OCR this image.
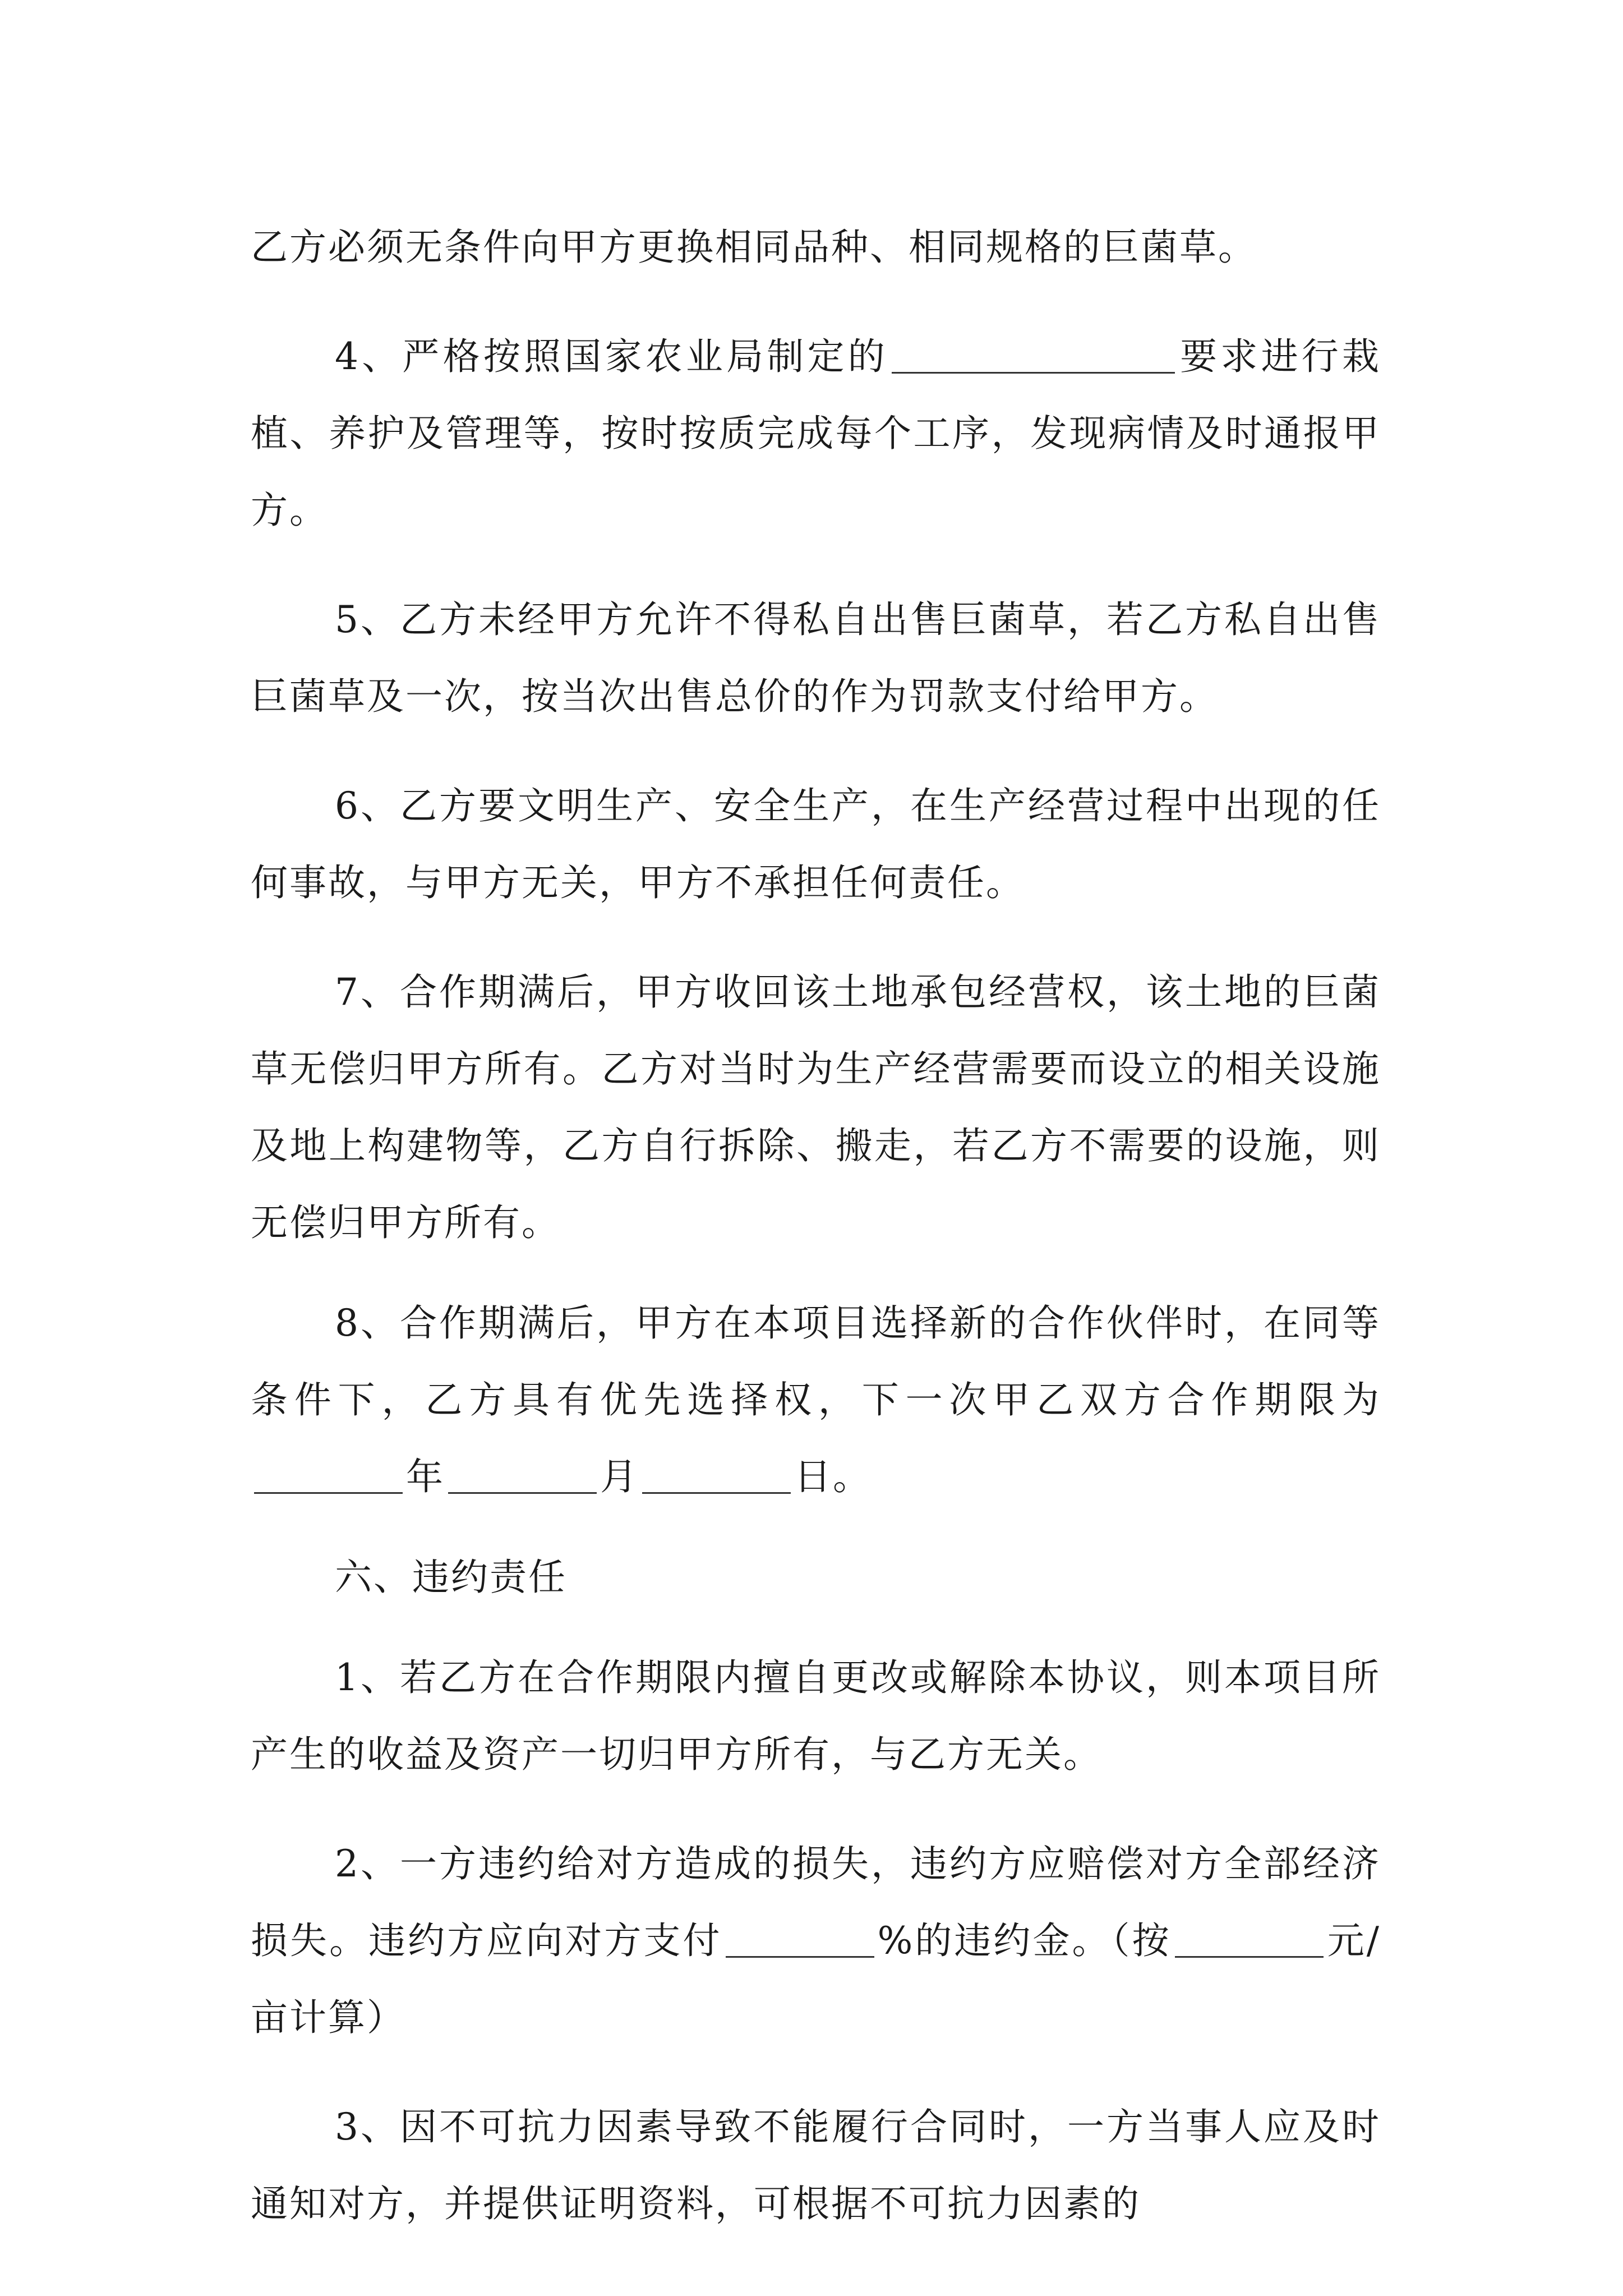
乙方必须无条件向甲方更换相同品种、相同规格的巨菌草。

4、严格按照国家农业局制定的	要求进行栽植、养护及管理等，按时按质完成每个工序，发现病情及时通报甲方。

5、乙方未经甲方允许不得私自出售巨菌草，若乙方私自出售巨菌草及一次，按当次出售总价的作为罚款支付给甲方。

6、乙方要文明生产、安全生产，在生产经营过程中出现的任何事故，与甲方无关，甲方不承担任何责任。

7、合作期满后，甲方收回该土地承包经营权，该土地的巨菌草无偿归甲方所有。乙方对当时为生产经营需要而设立的相关设施及地上构建物等，乙方自行拆除、搬走，若乙方不需要的设施，则无偿归甲方所有。

8、合作期满后，甲方在本项目选择新的合作伙伴时，在同等条件下，乙方具有优先选择权，下一次甲乙双方合作期限为年	月	日。

六、违约责任

1、若乙方在合作期限内擅自更改或解除本协议，则本项目所产生的收益及资产一切归甲方所有，与乙方无关。

2、一方违约给对方造成的损失，违约方应赔偿对方全部经济损失。违约方应向对方支付	%的违约金。（按	元/亩计算）

3、因不可抗力因素导致不能履行合同时，一方当事人应及时通知对方，并提供证明资料，可根据不可抗力因素的
